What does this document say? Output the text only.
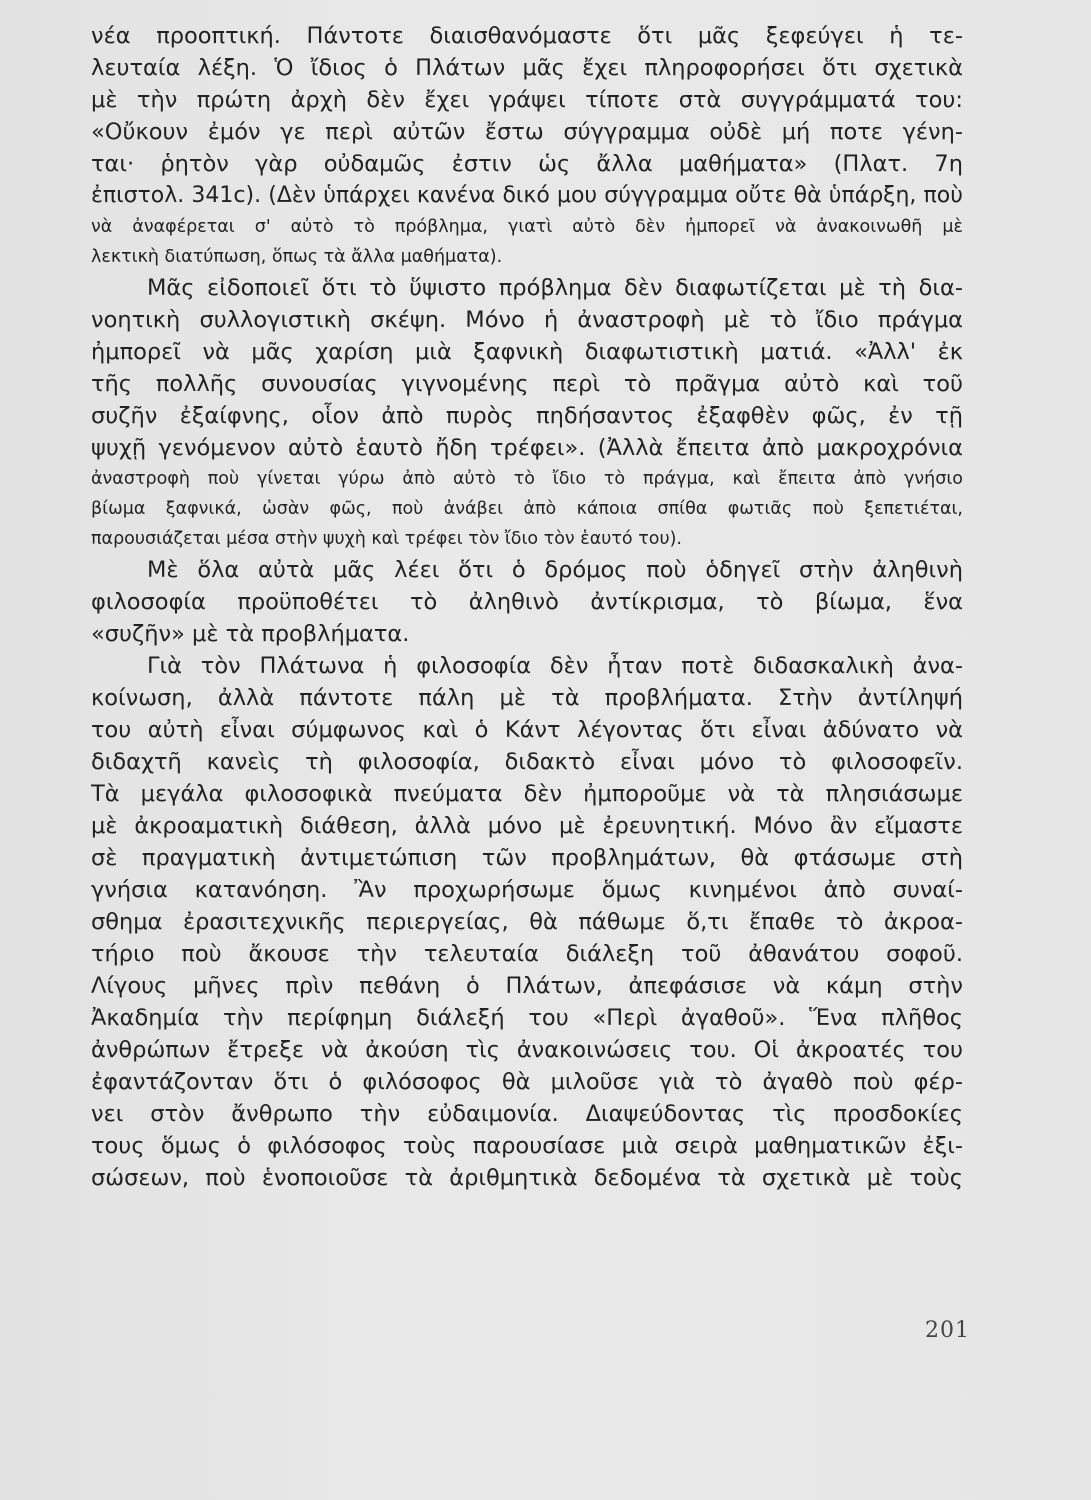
νέα προοπτική. Πάντοτε διαισθανόμαστε ὅτι μᾶς ξεφεύγει ἡ τε-
λευταία λέξη. Ὁ ἴδιος ὁ Πλάτων μᾶς ἔχει πληροφορήσει ὅτι σχετικὰ
μὲ τὴν πρώτη ἀρχὴ δὲν ἔχει γράψει τίποτε στὰ συγγράμματά του:
«Οὔκουν ἐμόν γε περὶ αὐτῶν ἔστω σύγγραμμα οὐδὲ μή ποτε γένη-
ται· ῥητὸν γὰρ οὐδαμῶς ἐστιν ὡς ἄλλα μαθήματα» (Πλατ. 7η
ἐπιστολ. 341c). (Δὲν ὑπάρχει κανένα δικό μου σύγγραμμα οὔτε θὰ ὑπάρξη, ποὺ
νὰ ἀναφέρεται σ' αὐτὸ τὸ πρόβλημα, γιατὶ αὐτὸ δὲν ἠμπορεῖ νὰ ἀνακοινωθῆ μὲ
λεκτικὴ διατύπωση, ὅπως τὰ ἄλλα μαθήματα).
Μᾶς εἰδοποιεῖ ὅτι τὸ ὕψιστο πρόβλημα δὲν διαφωτίζεται μὲ τὴ δια-
νοητικὴ συλλογιστικὴ σκέψη. Μόνο ἡ ἀναστροφὴ μὲ τὸ ἴδιο πράγμα
ἠμπορεῖ νὰ μᾶς χαρίση μιὰ ξαφνικὴ διαφωτιστικὴ ματιά. «Ἀλλ' ἐκ
τῆς πολλῆς συνουσίας γιγνομένης περὶ τὸ πρᾶγμα αὐτὸ καὶ τοῦ
συζῆν ἐξαίφνης, οἷον ἀπὸ πυρὸς πηδήσαντος ἐξαφθὲν φῶς, ἐν τῇ
ψυχῇ γενόμενον αὐτὸ ἑαυτὸ ἤδη τρέφει». (Ἀλλὰ ἔπειτα ἀπὸ μακροχρόνια
ἀναστροφὴ ποὺ γίνεται γύρω ἀπὸ αὐτὸ τὸ ἴδιο τὸ πράγμα, καὶ ἔπειτα ἀπὸ γνήσιο
βίωμα ξαφνικά, ὡσὰν φῶς, ποὺ ἀνάβει ἀπὸ κάποια σπίθα φωτιᾶς ποὺ ξεπετιέται,
παρουσιάζεται μέσα στὴν ψυχὴ καὶ τρέφει τὸν ἴδιο τὸν ἑαυτό του).
Μὲ ὅλα αὐτὰ μᾶς λέει ὅτι ὁ δρόμος ποὺ ὁδηγεῖ στὴν ἀληθινὴ
φιλοσοφία προϋποθέτει τὸ ἀληθινὸ ἀντίκρισμα, τὸ βίωμα, ἕνα
«συζῆν» μὲ τὰ προβλήματα.
Γιὰ τὸν Πλάτωνα ἡ φιλοσοφία δὲν ἦταν ποτὲ διδασκαλικὴ ἀνα-
κοίνωση, ἀλλὰ πάντοτε πάλη μὲ τὰ προβλήματα. Στὴν ἀντίληψή
του αὐτὴ εἶναι σύμφωνος καὶ ὁ Κάντ λέγοντας ὅτι εἶναι ἀδύνατο νὰ
διδαχτῆ κανεὶς τὴ φιλοσοφία, διδακτὸ εἶναι μόνο τὸ φιλοσοφεῖν.
Τὰ μεγάλα φιλοσοφικὰ πνεύματα δὲν ἠμποροῦμε νὰ τὰ πλησιάσωμε
μὲ ἀκροαματικὴ διάθεση, ἀλλὰ μόνο μὲ ἐρευνητική. Μόνο ἂν εἴμαστε
σὲ πραγματικὴ ἀντιμετώπιση τῶν προβλημάτων, θὰ φτάσωμε στὴ
γνήσια κατανόηση. Ἂν προχωρήσωμε ὅμως κινημένοι ἀπὸ συναί-
σθημα ἐρασιτεχνικῆς περιεργείας, θὰ πάθωμε ὅ,τι ἔπαθε τὸ ἀκροα-
τήριο ποὺ ἄκουσε τὴν τελευταία διάλεξη τοῦ ἀθανάτου σοφοῦ.
Λίγους μῆνες πρὶν πεθάνη ὁ Πλάτων, ἀπεφάσισε νὰ κάμη στὴν
Ἀκαδημία τὴν περίφημη διάλεξή του «Περὶ ἀγαθοῦ». Ἕνα πλῆθος
ἀνθρώπων ἔτρεξε νὰ ἀκούση τὶς ἀνακοινώσεις του. Οἱ ἀκροατές του
ἐφαντάζονταν ὅτι ὁ φιλόσοφος θὰ μιλοῦσε γιὰ τὸ ἀγαθὸ ποὺ φέρ-
νει στὸν ἄνθρωπο τὴν εὐδαιμονία. Διαψεύδοντας τὶς προσδοκίες
τους ὅμως ὁ φιλόσοφος τοὺς παρουσίασε μιὰ σειρὰ μαθηματικῶν ἐξι-
σώσεων, ποὺ ἑνοποιοῦσε τὰ ἀριθμητικὰ δεδομένα τὰ σχετικὰ μὲ τοὺς
201
